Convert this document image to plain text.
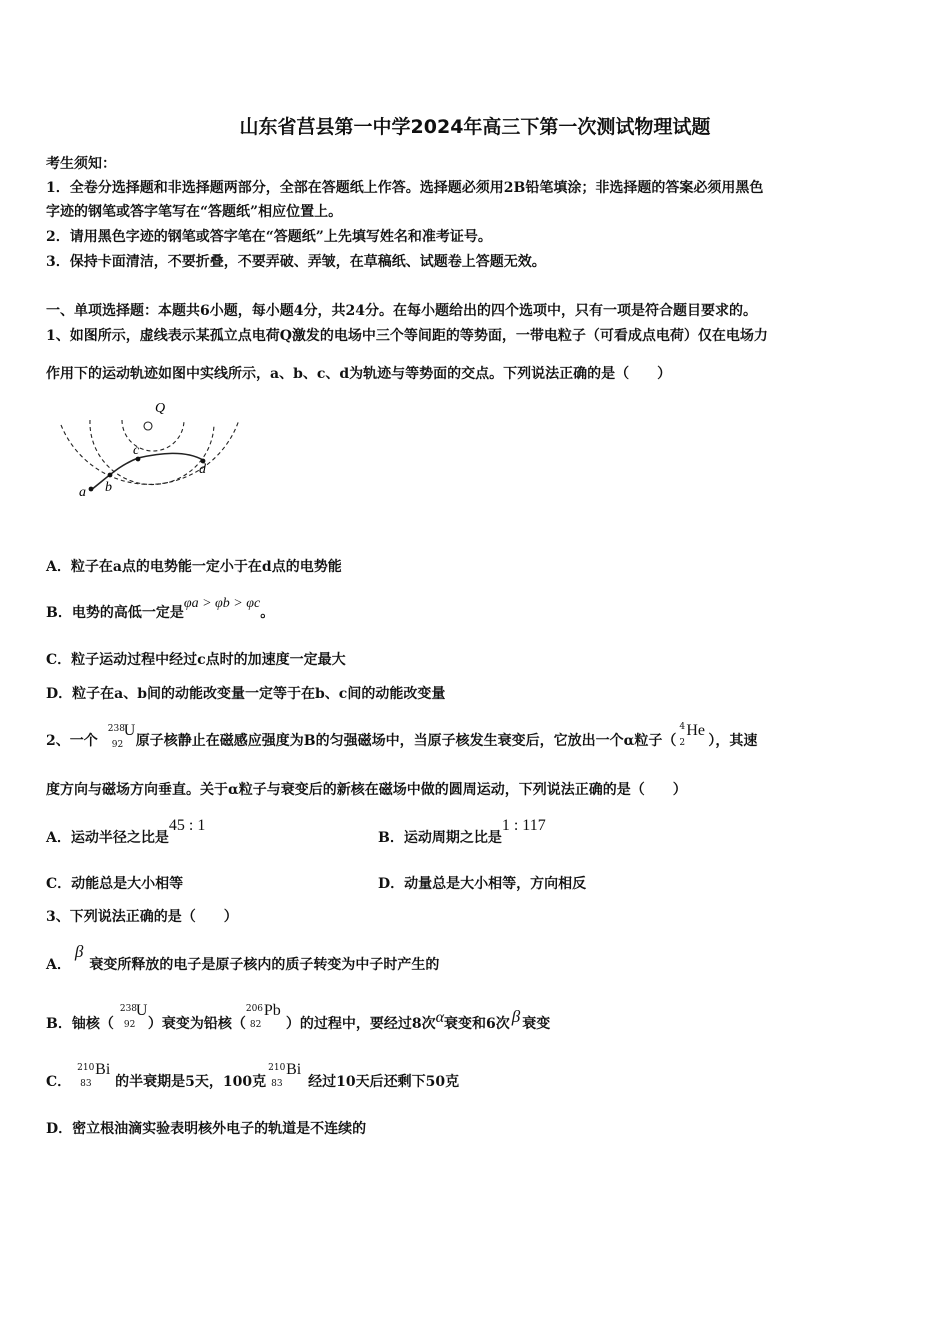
山东省莒县第一中学2024年高三下第一次测试物理试题
考生须知：
1．全卷分选择题和非选择题两部分，全部在答题纸上作答。选择题必须用2B铅笔填涂；非选择题的答案必须用黑色
字迹的钢笔或答字笔写在“答题纸”相应位置上。
2．请用黑色字迹的钢笔或答字笔在“答题纸”上先填写姓名和准考证号。
3．保持卡面清洁，不要折叠，不要弄破、弄皱，在草稿纸、试题卷上答题无效。
一、单项选择题：本题共6小题，每小题4分，共24分。在每小题给出的四个选项中，只有一项是符合题目要求的。
1、如图所示，虚线表示某孤立点电荷Q激发的电场中三个等间距的等势面，一带电粒子（可看成点电荷）仅在电场力
作用下的运动轨迹如图中实线所示，a、b、c、d为轨迹与等势面的交点。下列说法正确的是（　　）
Q
a b
c
d
A．粒子在a点的电势能一定小于在d点的电势能
B．电势的高低一定是φa > φb > φc。
C．粒子运动过程中经过c点时的加速度一定最大
D．粒子在a、b间的动能改变量一定等于在b、c间的动能改变量
2、一个
238
92
U
原子核静止在磁感应强度为B的匀强磁场中，当原子核发生衰变后，它放出一个α粒子（
4
2
He
），其速
度方向与磁场方向垂直。关于α粒子与衰变后的新核在磁场中做的圆周运动，下列说法正确的是（　　）
A．运动半径之比是45 : 1
B．运动周期之比是1 : 117
C．动能总是大小相等	D．动量总是大小相等，方向相反
3、下列说法正确的是（　　）
A．β衰变所释放的电子是原子核内的质子转变为中子时产生的
B．铀核（
238
92
U
）衰变为铅核（
206
82
Pb
）的过程中，要经过8次α衰变和6次 β 衰变
C．
210
83
Bi
的半衰期是5天，100克
210
83
Bi
经过10天后还剩下50克
D．密立根油滴实验表明核外电子的轨道是不连续的
